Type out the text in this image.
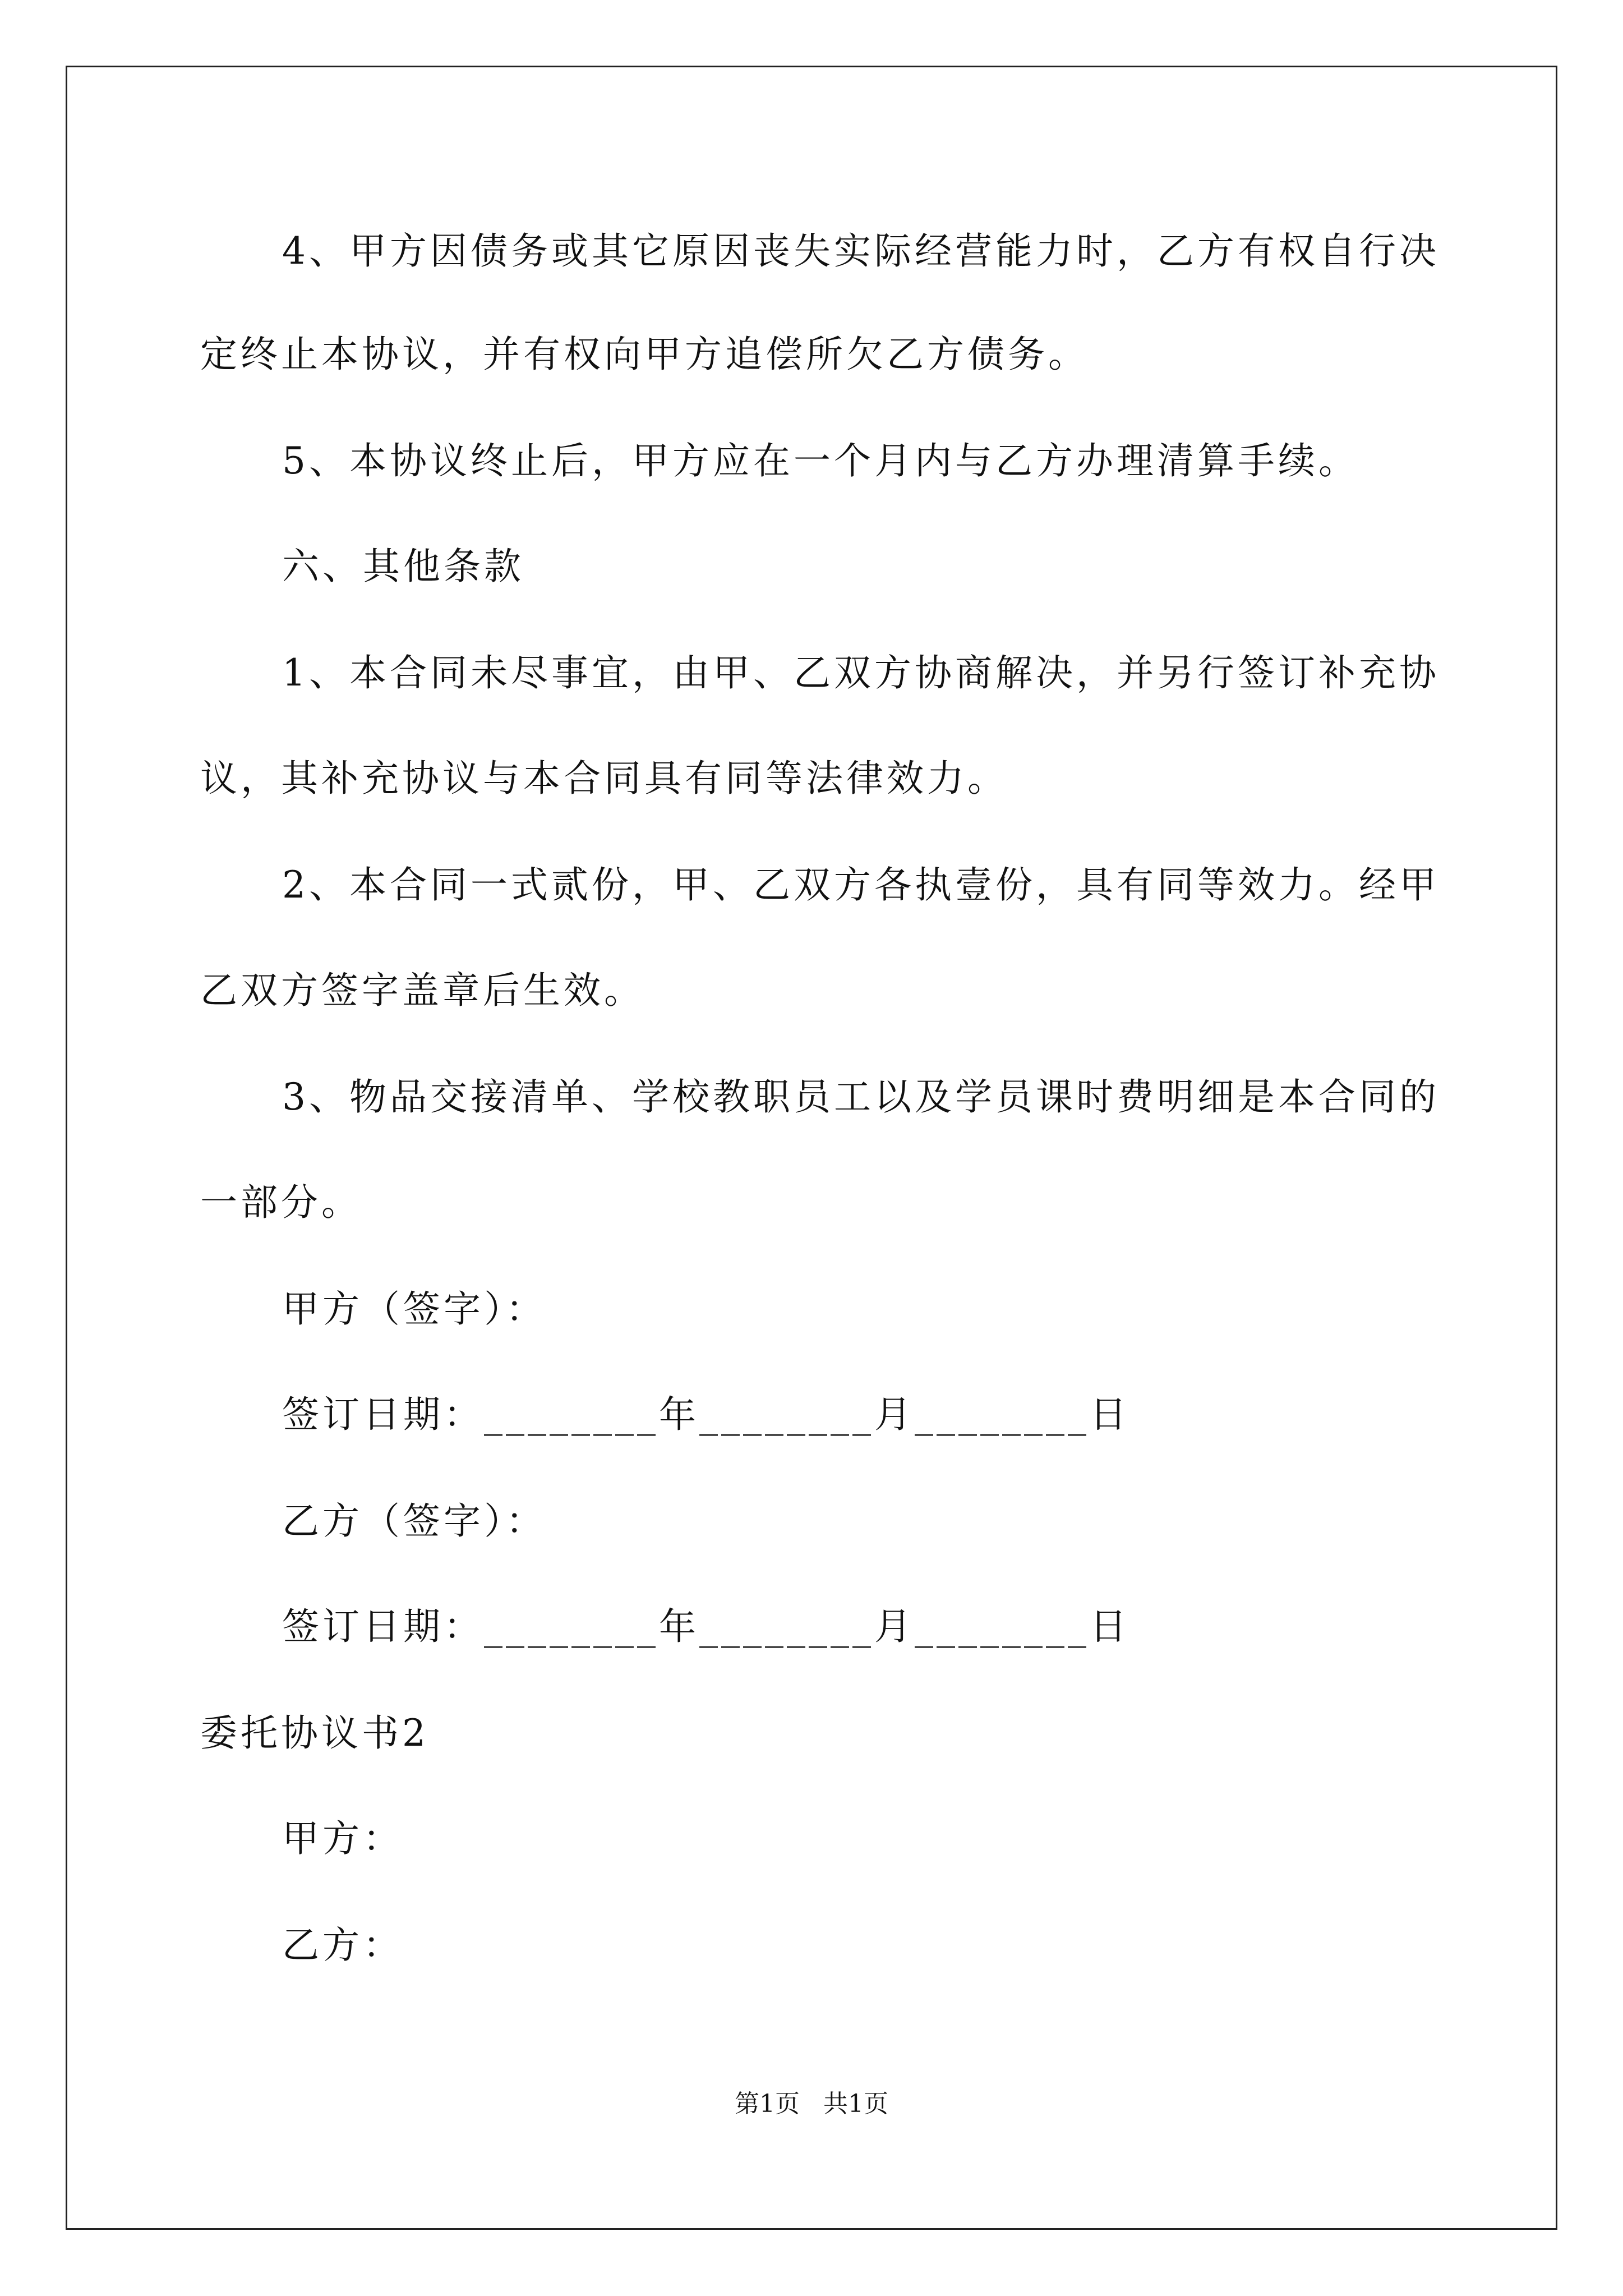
4、甲方因债务或其它原因丧失实际经营能力时，乙方有权自行决
定终止本协议，并有权向甲方追偿所欠乙方债务。
5、本协议终止后，甲方应在一个月内与乙方办理清算手续。
六、其他条款
1、本合同未尽事宜，由甲、乙双方协商解决，并另行签订补充协
议，其补充协议与本合同具有同等法律效力。
2、本合同一式贰份，甲、乙双方各执壹份，具有同等效力。经甲
乙双方签字盖章后生效。
3、物品交接清单、学校教职员工以及学员课时费明细是本合同的
一部分。
甲方（签字）：
签订日期：________年________月________日
乙方（签字）：
签订日期：________年________月________日
委托协议书2
甲方：
乙方：
第1页   共1页
